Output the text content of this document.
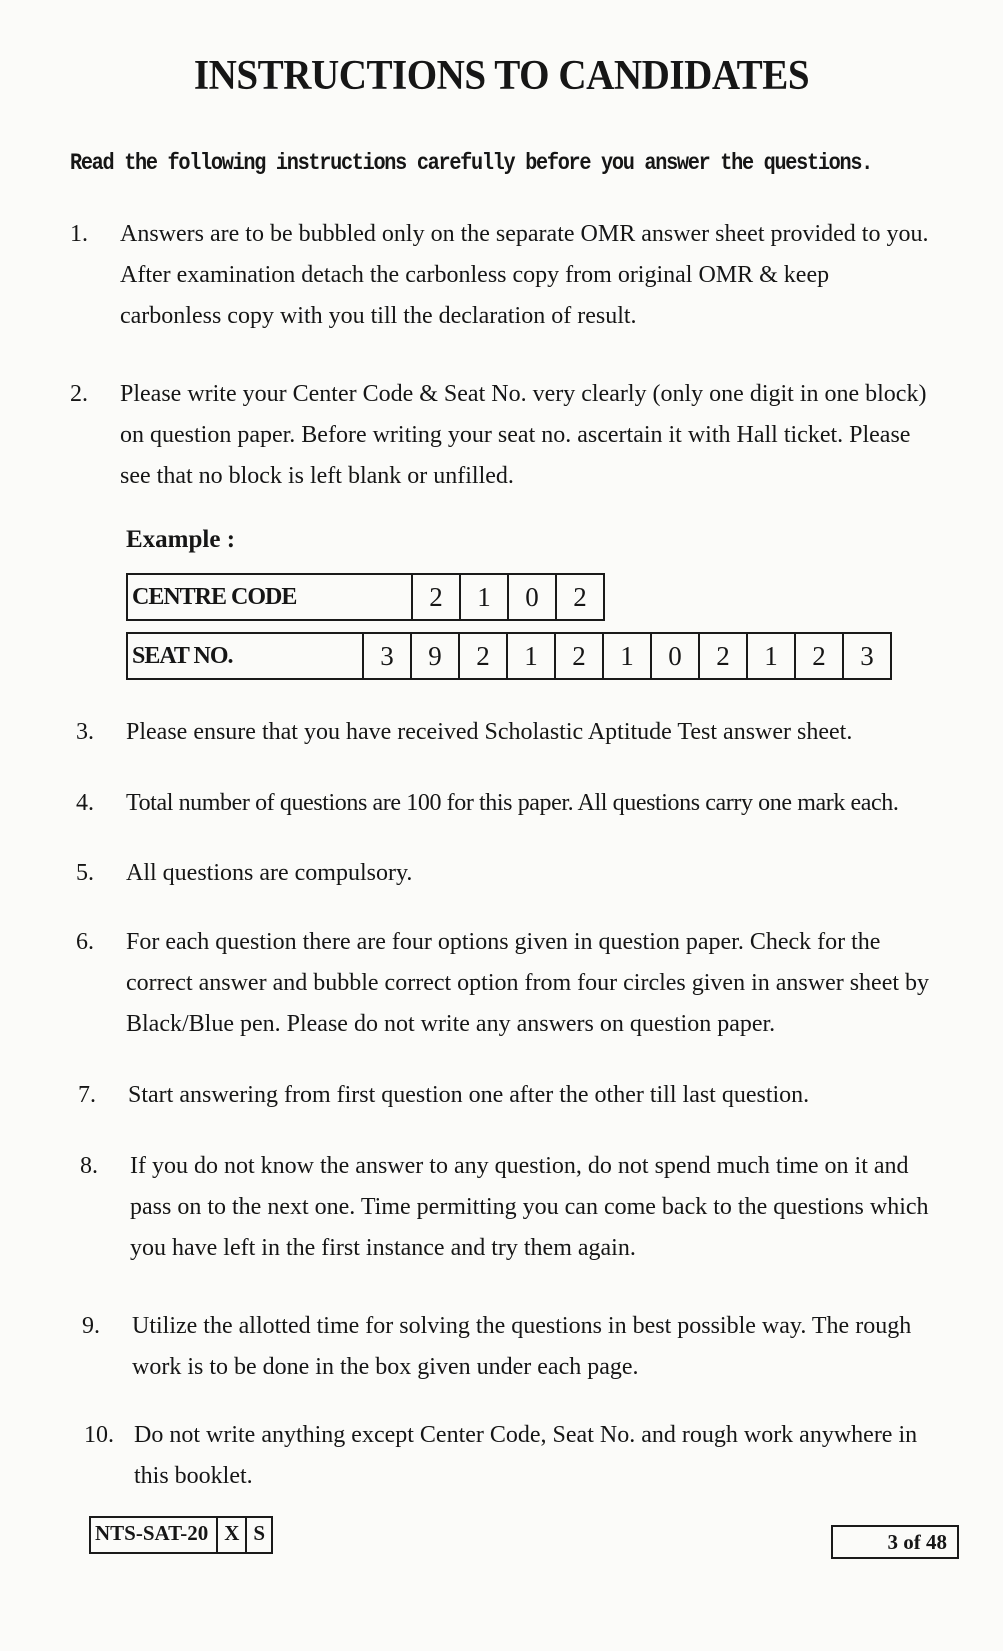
INSTRUCTIONS TO CANDIDATES
Read the following instructions carefully before you answer the questions.
1.	Answers are to be bubbled only on the separate OMR answer sheet provided to you. After examination detach the carbonless copy from original OMR & keep carbonless copy with you till the declaration of result.
2.	Please write your Center Code & Seat No. very clearly (only one digit in one block) on question paper. Before writing your seat no. ascertain it with Hall ticket. Please see that no block is left blank or unfilled.
Example :
CENTRE CODE	2	1	0	2
SEAT NO.	3	9	2	1	2	1	0	2	1	2	3
3.	Please ensure that you have received Scholastic Aptitude Test answer sheet.
4.	Total number of questions are 100 for this paper. All questions carry one mark each.
5.	All questions are compulsory.
6.	For each question there are four options given in question paper. Check for the correct answer and bubble correct option from four circles given in answer sheet by Black/Blue pen. Please do not write any answers on question paper.
7.	Start answering from first question one after the other till last question.
8.	If you do not know the answer to any question, do not spend much time on it and pass on to the next one. Time permitting you can come back to the questions which you have left in the first instance and try them again.
9.	Utilize the allotted time for solving the questions in best possible way. The rough work is to be done in the box given under each page.
10. Do not write anything except Center Code, Seat No. and rough work anywhere in this booklet.
NTS-SAT-20 X S	3 of 48
